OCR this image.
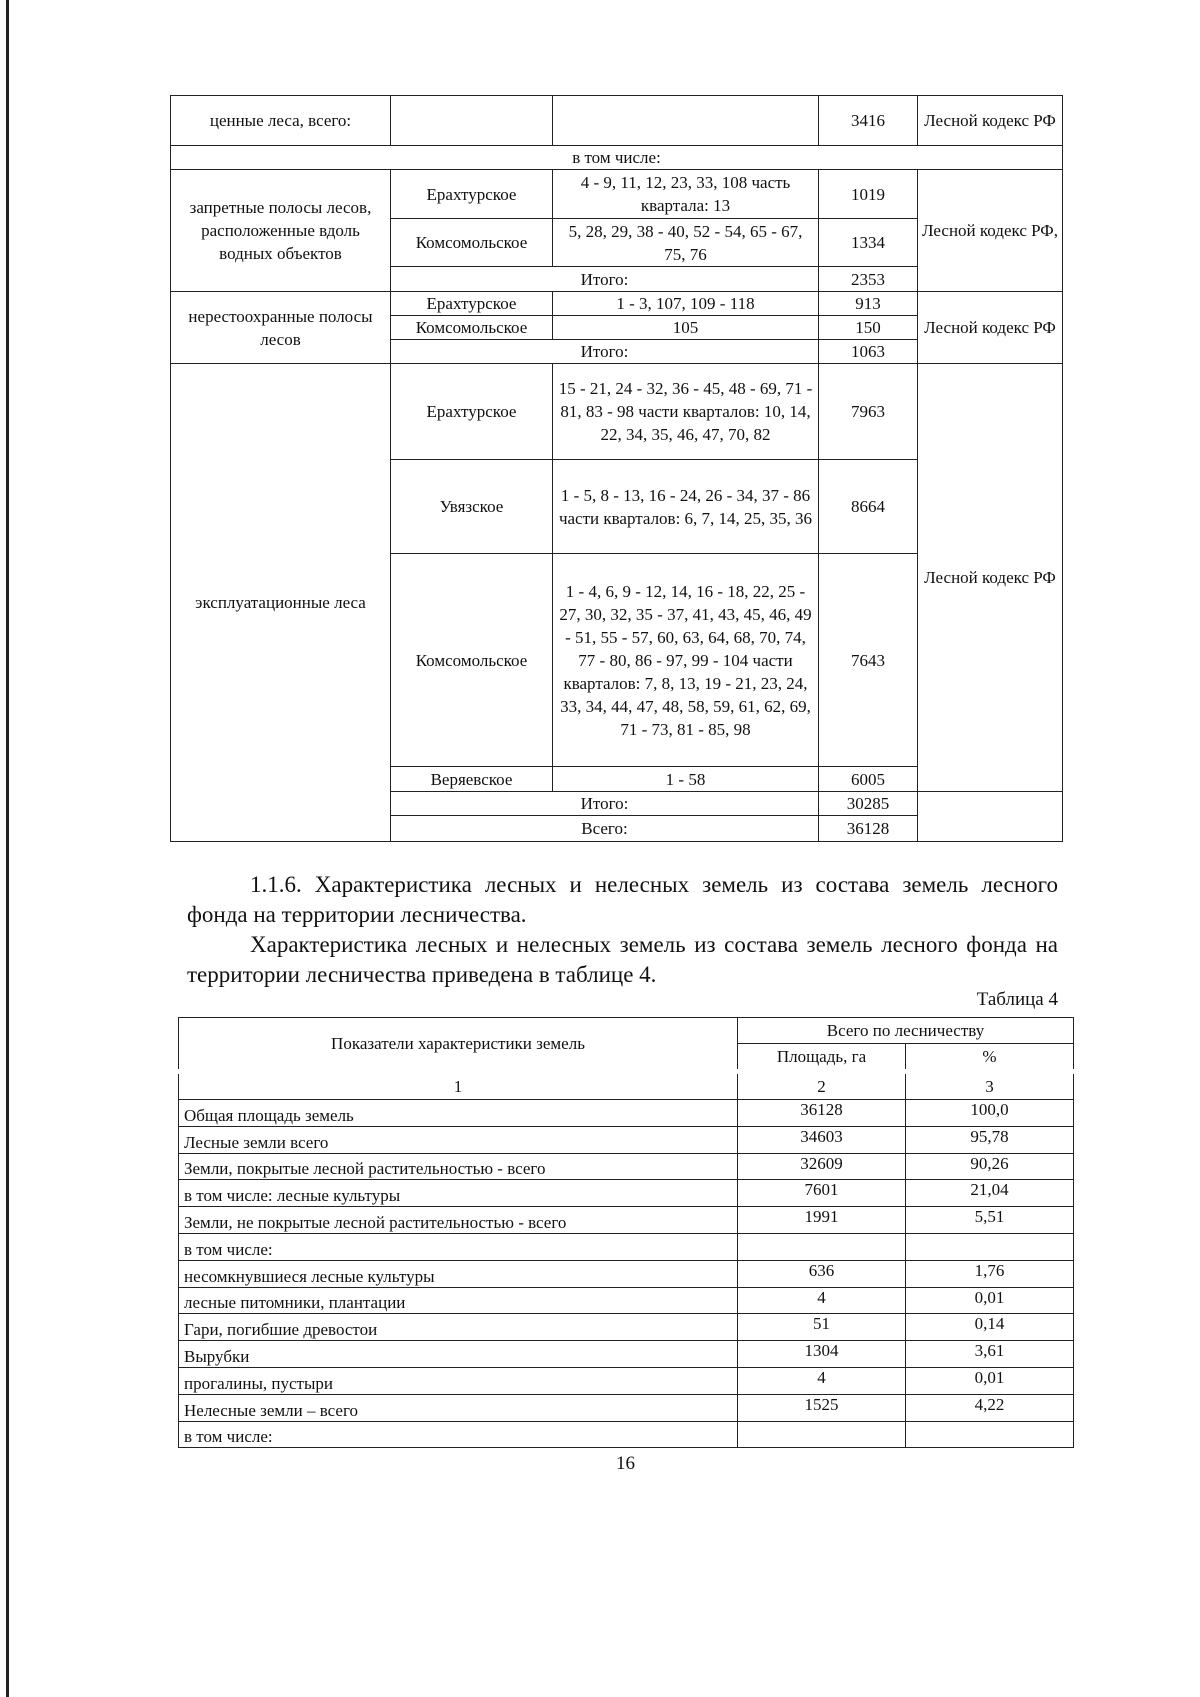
ценные леса, всего:			3416	Лесной кодекс РФ
в том числе:				
запретные полосы лесов, расположенные вдоль водных объектов	Ерахтурское	4 - 9, 11, 12, 23, 33, 108 часть квартала: 13	1019	Лесной кодекс РФ,
	Комсомольское	5, 28, 29, 38 - 40, 52 - 54, 65 - 67, 75, 76	1334	
	Итого:		2353	
нерестоохранные полосы лесов	Ерахтурское	1 - 3, 107, 109 - 118	913	Лесной кодекс РФ
	Комсомольское	105	150	
	Итого:		1063	
эксплуатационные леса	Ерахтурское	15 - 21, 24 - 32, 36 - 45, 48 - 69, 71 - 81, 83 - 98 части кварталов: 10, 14, 22, 34, 35, 46, 47, 70, 82	7963	Лесной кодекс РФ
	Увязское	1 - 5, 8 - 13, 16 - 24, 26 - 34, 37 - 86 части кварталов: 6, 7, 14, 25, 35, 36	8664	
	Комсомольское	1 - 4, 6, 9 - 12, 14, 16 - 18, 22, 25 - 27, 30, 32, 35 - 37, 41, 43, 45, 46, 49 - 51, 55 - 57, 60, 63, 64, 68, 70, 74, 77 - 80, 86 - 97, 99 - 104 части кварталов: 7, 8, 13, 19 - 21, 23, 24, 33, 34, 44, 47, 48, 58, 59, 61, 62, 69, 71 - 73, 81 - 85, 98	7643	
	Веряевское	1 - 58	6005	
	Итого:		30285	
	Всего:		36128	

1.1.6. Характеристика лесных и нелесных земель из состава земель лесного фонда на территории лесничества.

Характеристика лесных и нелесных земель из состава земель лесного фонда на территории лесничества приведена в таблице 4.

Таблица 4
Показатели характеристики земель	Всего по лесничеству	
	Площадь, га	%
1	2	3
Общая площадь земель	36128	100,0
Лесные земли всего	34603	95,78
Земли, покрытые лесной растительностью - всего	32609	90,26
в том числе: лесные культуры	7601	21,04
Земли, не покрытые лесной растительностью - всего	1991	5,51
в том числе:		
несомкнувшиеся лесные культуры	636	1,76
лесные питомники, плантации	4	0,01
Гари, погибшие древостои	51	0,14
Вырубки	1304	3,61
прогалины, пустыри	4	0,01
Нелесные земли – всего	1525	4,22
в том числе:		
16
